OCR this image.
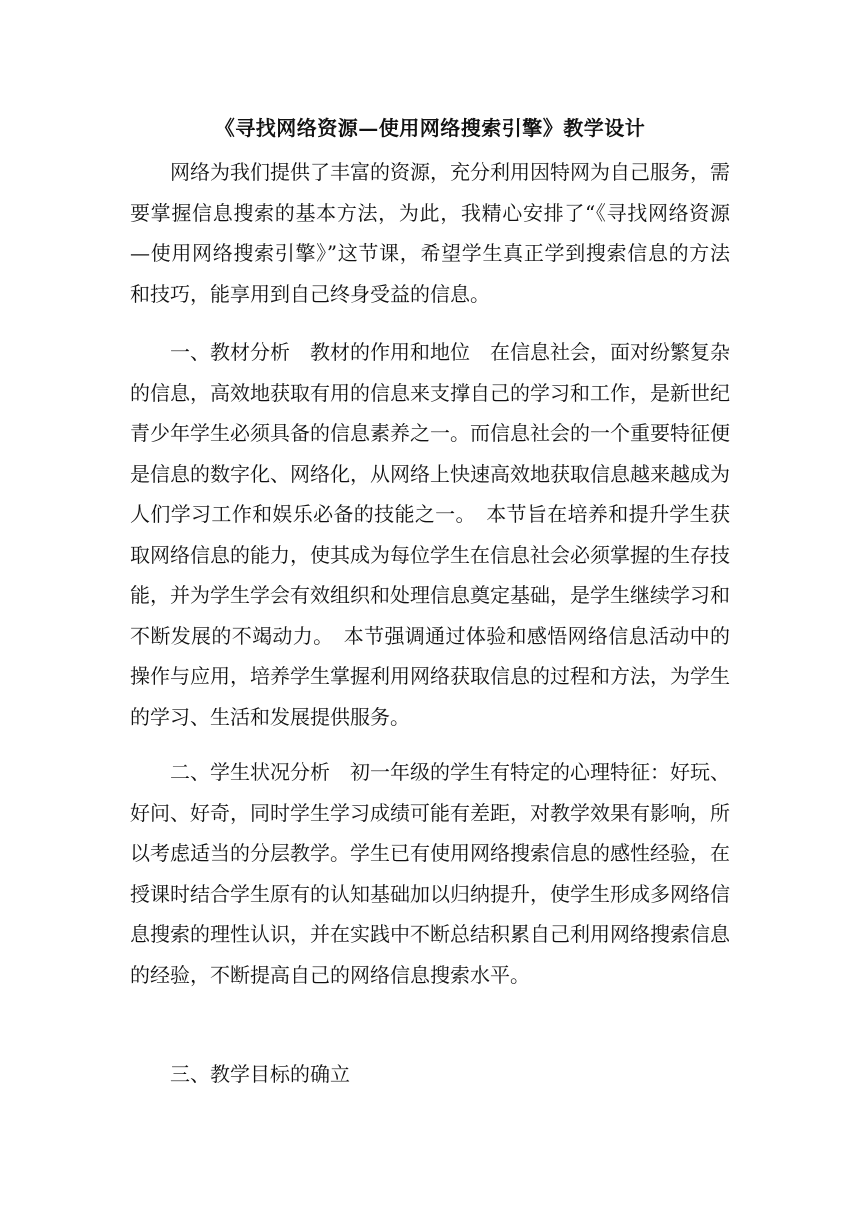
《寻找网络资源—使用网络搜索引擎》教学设计

网络为我们提供了丰富的资源，充分利用因特网为自己服务，需要掌握信息搜索的基本方法，为此，我精心安排了“《寻找网络资源—使用网络搜索引擎》”这节课，希望学生真正学到搜索信息的方法和技巧，能享用到自己终身受益的信息。

一、教材分析　教材的作用和地位　在信息社会，面对纷繁复杂的信息，高效地获取有用的信息来支撑自己的学习和工作，是新世纪青少年学生必须具备的信息素养之一。而信息社会的一个重要特征便是信息的数字化、网络化，从网络上快速高效地获取信息越来越成为人们学习工作和娱乐必备的技能之一。　本节旨在培养和提升学生获取网络信息的能力，使其成为每位学生在信息社会必须掌握的生存技能，并为学生学会有效组织和处理信息奠定基础，是学生继续学习和不断发展的不竭动力。　本节强调通过体验和感悟网络信息活动中的操作与应用，培养学生掌握利用网络获取信息的过程和方法，为学生的学习、生活和发展提供服务。

二、学生状况分析　初一年级的学生有特定的心理特征：好玩、好问、好奇，同时学生学习成绩可能有差距，对教学效果有影响，所以考虑适当的分层教学。学生已有使用网络搜索信息的感性经验，在授课时结合学生原有的认知基础加以归纳提升，使学生形成多网络信息搜索的理性认识，并在实践中不断总结积累自己利用网络搜索信息的经验，不断提高自己的网络信息搜索水平。

三、教学目标的确立
